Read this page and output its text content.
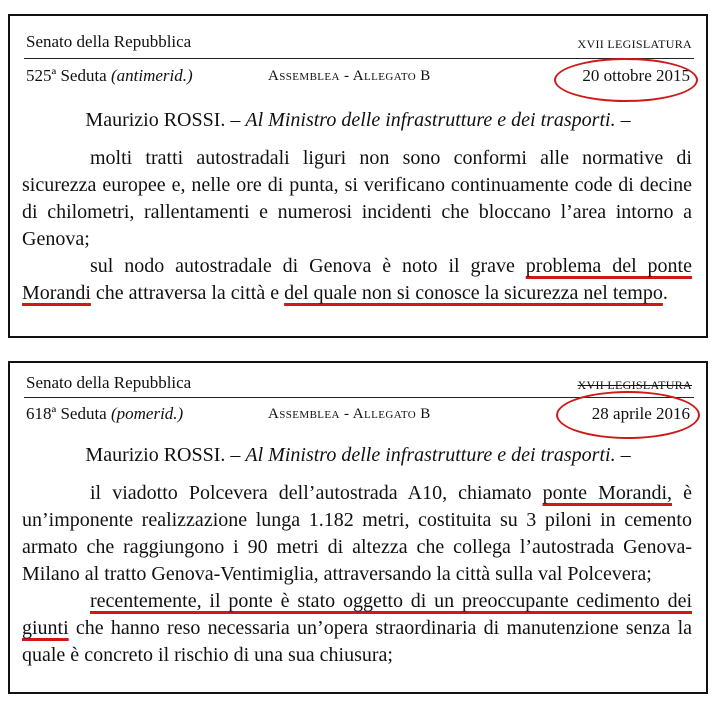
Senato della Repubblica	XVII LEGISLATURA
525ª Seduta (antimerid.)	Assemblea - Allegato B	20 ottobre 2015
Maurizio ROSSI. – Al Ministro delle infrastrutture e dei trasporti. –

molti tratti autostradali liguri non sono conformi alle normative di sicurezza europee e, nelle ore di punta, si verificano continuamente code di decine di chilometri, rallentamenti e numerosi incidenti che bloccano l’area intorno a Genova;

sul nodo autostradale di Genova è noto il grave problema del ponte Morandi che attraversa la città e del quale non si conosce la sicurezza nel tempo.

Senato della Repubblica	XVII LEGISLATURA
618ª Seduta (pomerid.)	Assemblea - Allegato B	28 aprile 2016
Maurizio ROSSI. – Al Ministro delle infrastrutture e dei trasporti. –

il viadotto Polcevera dell’autostrada A10, chiamato ponte Morandi, è un’imponente realizzazione lunga 1.182 metri, costituita su 3 piloni in cemento armato che raggiungono i 90 metri di altezza che collega l’autostrada Genova-Milano al tratto Genova-Ventimiglia, attraversando la città sulla val Polcevera;

recentemente, il ponte è stato oggetto di un preoccupante cedimento dei giunti che hanno reso necessaria un’opera straordinaria di manutenzione senza la quale è concreto il rischio di una sua chiusura;
